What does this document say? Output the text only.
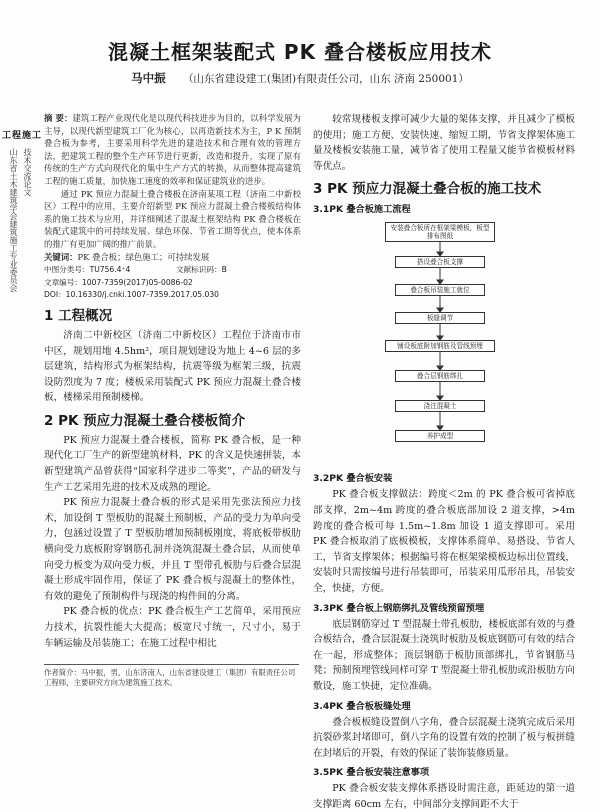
混凝土框架装配式 PK 叠合楼板应用技术
马中振 （山东省建设建工(集团)有限责任公司，山东 济南 250001）
工程施工
山东省土木建筑学会建筑施工专业委员会 技术交流论文

摘 要：建筑工程产业现代化是以现代科技进步为目的，以科学发展为主导，以现代新型建筑工厂化为核心，以再造新技术为主，P K 预制叠合板为参考，主要采用科学先进的建造技术和合理有效的管理方法，把建筑工程的整个生产环节进行更新，改造和提升，实现了原有传统的生产方式向现代化的集中生产方式的转换，从而整体提高建筑工程的施工质量，加快施工速度的效率和保证建筑业的进步。

通过 PK 预应力混凝土叠合楼板在济南某项工程（济南二中新校区）工程中的应用，主要介绍新型 PK 预应力混凝土叠合楼板结构体系的施工技术与应用，并详细阐述了混凝土框架结构 PK 叠合楼板在装配式建筑中的可持续发展、绿色环保、节省工期等优点，使本体系的推广有更加广阔的推广前景。

关键词：PK 叠合板；绿色施工；可持续发展

中图分类号：TU756.4⁺4	文献标识码：B
文章编号：1007-7359(2017)05-0086-02
DOI：10.16330/j.cnki.1007-7359.2017.05.030
1 工程概况

济南二中新校区（济南二中新校区）工程位于济南市市中区，规划用地 4.5hm²，项目规划建设为地上 4~6 层的多层建筑，结构形式为框架结构，抗震等级为框架三级，抗震设防烈度为 7 度；楼板采用装配式 PK 预应力混凝土叠合楼板，楼梯采用预制楼梯。

2 PK 预应力混凝土叠合楼板简介

PK 预应力混凝土叠合楼板，简称 PK 叠合板，是一种现代化工厂生产的新型建筑材料，PK 的含义是快速拼装，本新型建筑产品曾获得“国家科学进步二等奖”，产品的研发与生产工艺采用先进的技术及成熟的理论。

PK 预应力混凝土叠合板的形式是采用先张法预应力技术，加设倒 T 型板肋的混凝土预制板，产品的受力为单向受力，包涵过设置了 T 型板肋增加预制板刚度，将底板带板肋横向受力底板附穿钢筋孔洞并浇筑混凝土叠合层，从而使单向受力板变为双向受力板，并且 T 型带孔板肋与后叠合层混凝土形成牢固作用，保证了 PK 叠合板与混凝土的整体性，有效的避免了预制构件与现浇的构件间的分离。

PK 叠合板的优点：PK 叠合板生产工艺简单，采用预应力技术，抗裂性能大大提高；板宽尺寸统一，尺寸小，易于车辆运输及吊装施工；在施工过程中相比

作者简介：马中振，男，山东济南人，山东省建设建工（集团）有限责任公司工程师，主要研究方向为建筑施工技术。

较常规楼板支撑可减少大量的架体支撑，并且减少了模板的使用；施工方便、安装快速、缩短工期，节省支撑架体施工量及楼板安装施工量，减节省了使用工程量又能节省模板材料等优点。

3 PK 预应力混凝土叠合板的施工技术
3.1PK 叠合板施工流程
安装叠合板所在框架梁模板，板型排布图纸
搭设叠合板支撑
叠合板吊装施工就位
板缝调节
铺设板底附加钢筋及管线预埋
叠合层钢筋绑扎
浇注混凝土
养护成型
3.2PK 叠合板安装

PK 叠合板支撑做法：跨度＜2m 的 PK 叠合板可省掉底部支撑，2m~4m 跨度的叠合板底部加设 2 道支撑，>4m 跨度的叠合板可每 1.5m~1.8m 加设 1 道支撑即可。采用 PK 叠合板取消了底板模板，支撑体系简单、易搭设、节省人工，节省支撑架体；根据编号将在框架梁模板边标出位置线，安装时只需按编号进行吊装即可，吊装采用瓜形吊具，吊装安全，快捷，方便。

3.3PK 叠合板上钢筋绑扎及管线预留预埋

底层钢筋穿过 T 型混凝土带孔板肋，楼板底部有效的与叠合板结合，叠合层混凝土浇筑时板肋及板底钢筋可有效的结合在一起，形成整体；顶层钢筋于板肋顶部绑扎，节省钢筋马凳；预制预埋管线同样可穿 T 型混凝土带孔板肋或沿板肋方向敷设，施工快捷，定位准确。

3.4PK 叠合板板缝处理

叠合板板缝设置倒八字角，叠合层混凝土浇筑完成后采用抗裂砂浆封堵即可，倒八字角的设置有效的控制了板与板拼缝在封堵后的开裂，有效的保证了装饰装修质量。

3.5PK 叠合板安装注意事项

PK 叠合板安装支撑体系搭设时需注意，距延边的第一道支撑距离 60cm 左右，中间部分支撑间距不大于
